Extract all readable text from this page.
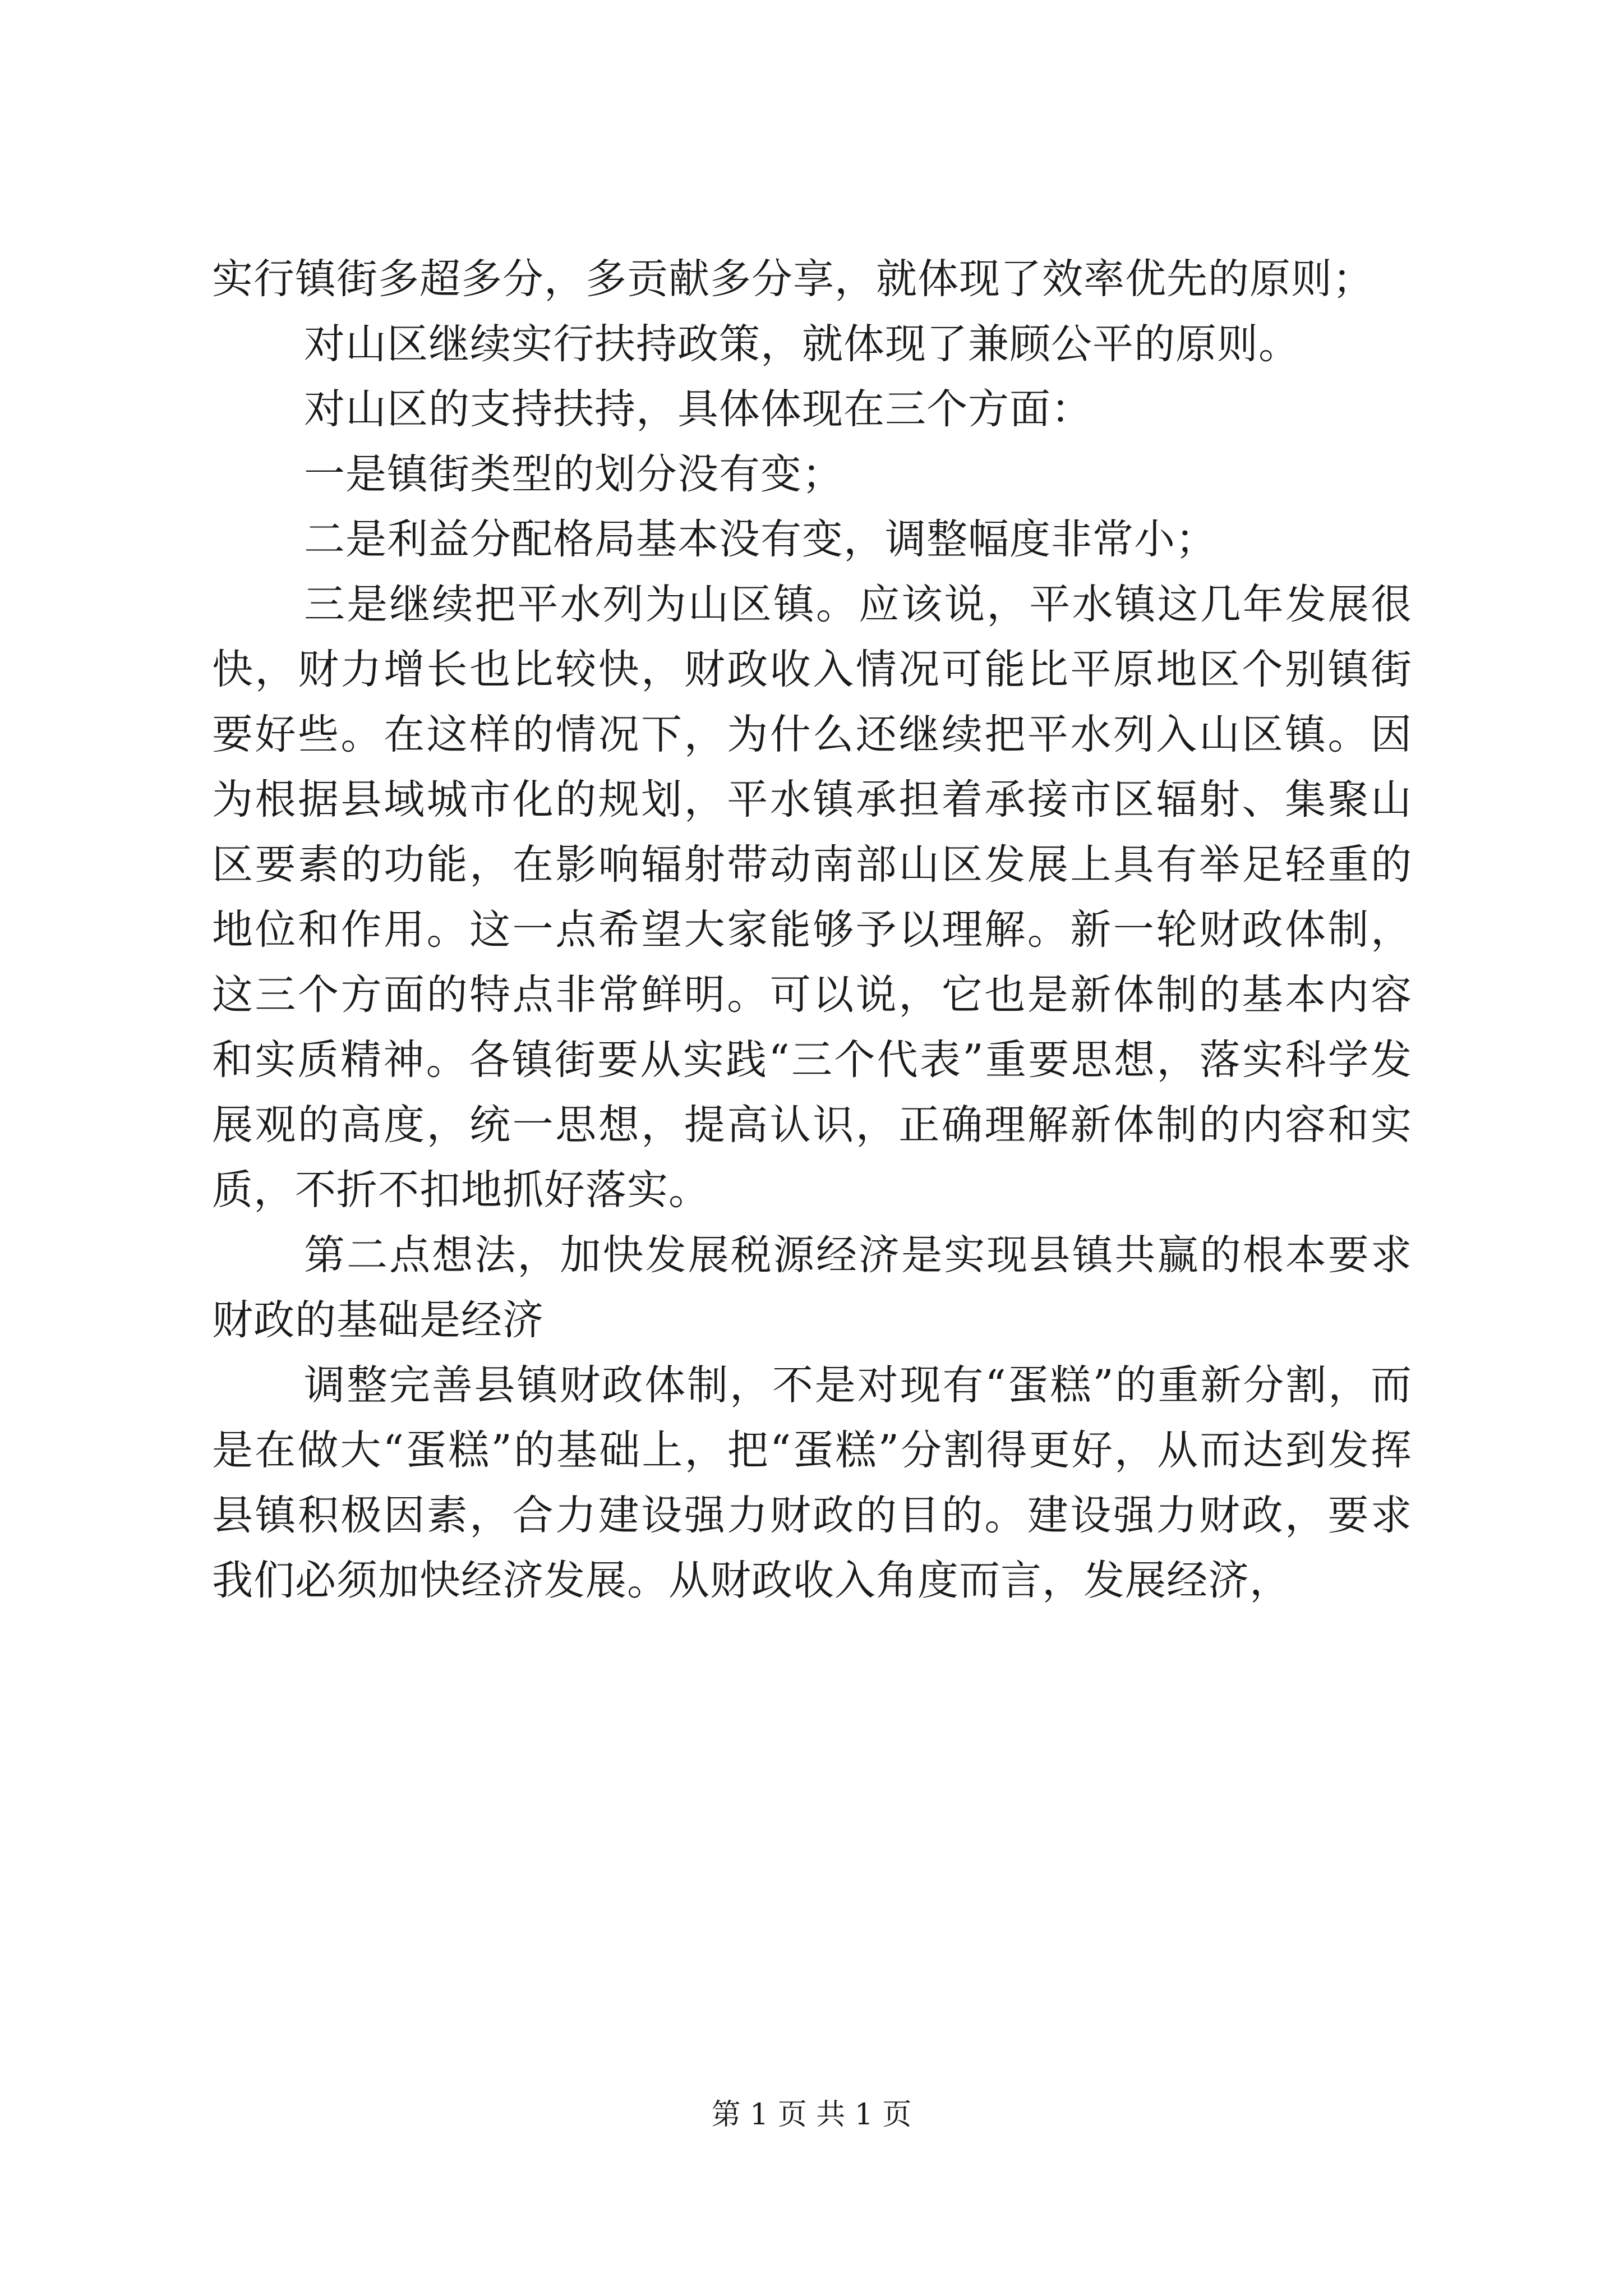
实行镇街多超多分，多贡献多分享，就体现了效率优先的原则；

对山区继续实行扶持政策，就体现了兼顾公平的原则。

对山区的支持扶持，具体体现在三个方面：

一是镇街类型的划分没有变；

二是利益分配格局基本没有变，调整幅度非常小；

三是继续把平水列为山区镇。应该说，平水镇这几年发展很快，财力增长也比较快，财政收入情况可能比平原地区个别镇街要好些。在这样的情况下，为什么还继续把平水列入山区镇。因为根据县域城市化的规划，平水镇承担着承接市区辐射、集聚山区要素的功能，在影响辐射带动南部山区发展上具有举足轻重的地位和作用。这一点希望大家能够予以理解。新一轮财政体制，这三个方面的特点非常鲜明。可以说，它也是新体制的基本内容和实质精神。各镇街要从实践“三个代表”重要思想，落实科学发展观的高度，统一思想，提高认识，正确理解新体制的内容和实质，不折不扣地抓好落实。

第二点想法，加快发展税源经济是实现县镇共赢的根本要求财政的基础是经济

调整完善县镇财政体制，不是对现有“蛋糕”的重新分割，而是在做大“蛋糕”的基础上，把“蛋糕”分割得更好，从而达到发挥县镇积极因素，合力建设强力财政的目的。建设强力财政，要求我们必须加快经济发展。从财政收入角度而言，发展经济，

第 1 页 共 1 页
